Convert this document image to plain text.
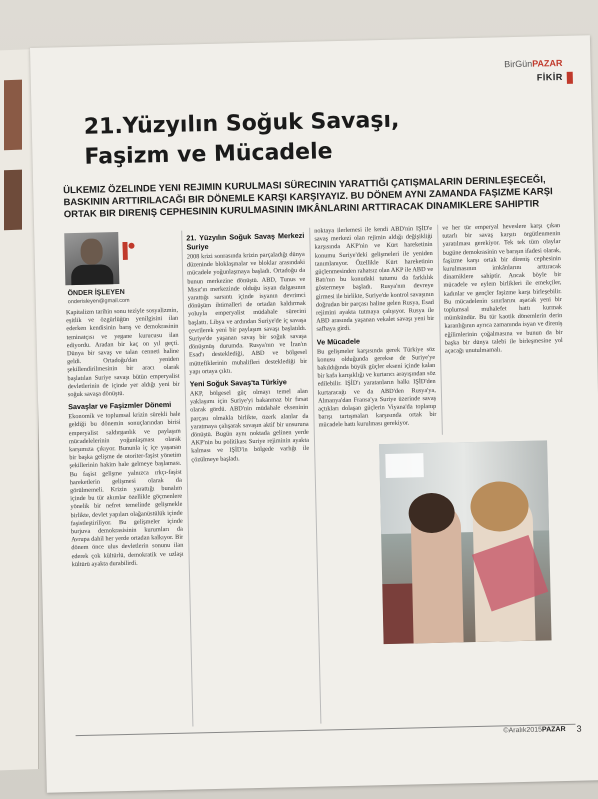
BirGünPAZAR
FİKİR
21.Yüzyılın Soğuk Savaşı,
Faşizm ve Mücadele
ÜLKEMIZ ÖZELINDE YENI REJIMIN KURULMASI SÜRECININ YARATTIĞI ÇATIŞMALARIN DERINLEŞECEĞI, BASKININ ARTTIRILACAĞI BIR DÖNEMLE KARŞI KARŞIYAYIZ. BU DÖNEM AYNI ZAMANDA FAŞIZME KARŞI ORTAK BIR DIRENIŞ CEPHESININ KURULMASININ IMKÂNLARINI ARTTIRACAK DINAMIKLERE SAHIPTIR
ÖNDER İŞLEYEN
onderisleyen@gmail.com

Kapitalizm tarihin sonu teziyle sosyalizmin, eşitlik ve özgürlüğün yenilgisini ilan ederken kendisinin barış ve demokrasinin teminatçısı ve yegane kurucusu ilan ediyordu. Aradan bir kaç on yıl geçti. Dünya bir savaş ve talan cenneti haline geldi. Ortadoğu'dan yeniden şekillendirilmesinin bir aracı olarak başlatılan Suriye savaşı bütün emperyalist devletlerinin de içinde yer aldığı yeni bir soğuk savaşa dönüştü.

Savaşlar ve Faşizmler Dönemi

Ekonomik ve toplumsal krizin sürekli hale geldiği bu dönemin sonuçlarından birisi emperyalist saldırganlık ve paylaşım mücadelelerinin yoğunlaşması olarak karşımıza çıkıyor. Bununla iç içe yaşanan bir başka gelişme de otoriter-faşist yönetim şekillerinin hakim hale gelmeye başlaması. Bu faşist gelişme yalnızca ırkçı-faşist hareketlerin gelişmesi olarak da görülmemeli. Krizin yarattığı bunalım içinde bu tür akımlar özellikle göçmenlere yönelik bir nefret temelinde gelişmekle birlikte, devlet yapıları olağanüstülük içinde faşistleştiriliyor. Bu gelişmeler içinde burjuva demokrasisinin kurumları da Avrupa dahil her yerde ortadan kalkıyor. Bir dönem önce ulus devletlerin sonunu ilan ederek çok kültürlü, demokratik ve uzlaşı kültürü ayakta durabilirdi.

21. Yüzyılın Soğuk Savaş Merkezi Suriye

2008 krizi sonrasında krizin parçaladığı dünya düzeninde bloklaşmalar ve bloklar arasındaki mücadele yoğunlaşmaya başladı. Ortadoğu da bunun merkezine dönüştü. ABD, Tunus ve Mısır'ın merkezinde olduğu isyan dalgasının yarattığı sarsıntı içinde isyanın devrimci dönüşüm ihtimalleri de ortadan kaldırmak yoluyla emperyalist müdahale sürecini başlattı. Libya ve ardından Suriye'de iç savaşa çevrilerek yeni bir paylaşım savaşı başlatıldı. Suriye'de yaşanan savaş bir soğuk savaşa dönüşmüş durumda. Rusya'nın ve İran'ın Esad'ı desteklediği, ABD ve bölgesel müttefiklerinin muhalifleri desteklediği bir yapı ortaya çıktı.

Yeni Soğuk Savaş'ta Türkiye

AKP, bölgesel güç olmayı temel alan yaklaşımı için Suriye'yi bakanmaz bir fırsat olarak gördü. ABD'nin müdahale ekseninin parçası olmakla birlikte, özerk alanlar da yaratmaya çalışarak savaşın aktif bir unsuruna dönüştü. Bugün aynı noktada gelinen yerde AKP'nin bu politikası Suriye rejiminin ayakta kalması ve IŞİD'in bölgede varlığı ile çözülmeye başladı.

noktaya ilerlemesi ile kendi ABD'nin IŞİD'e savaş merkezi olan rejimin aldığı değişikliği karşısında AKP'nin ve Kürt hareketinin konumu Suriye'deki gelişmeleri ile yeniden tanımlanıyor. Özellikle Kürt hareketinin güçlenmesinden rahatsız olan AKP ile ABD ve Batı'nın bu konudaki tutumu da farklılık göstermeye başladı. Rusya'nın devreye girmesi ile birlikte, Suriye'de kontrol savaşının doğrudan bir parçası haline gelen Rusya, Esad rejimini ayakta tutmaya çalışıyor. Rusya ile ABD arasında yaşanan vekalet savaşı yeni bir safhaya girdi.

Ve Mücadele

Bu gelişmeler karşısında gerek Türkiye söz konusu olduğunda gerekse de Suriye'ye bakıldığında büyük güçler ekseni içinde kalan bir kafa karışıklığı ve kurtarıcı arayışından söz edilebilir. IŞİD'ı yaratanların halkı IŞİD'den kurtaracağı ve da ABD'den Rusya'ya, Almanya'dan Fransa'ya Suriye üzerinde savaş açtıkları dolaşan güçlerin Viyana'da toplanıp barışı tartışmaları karşısında ortak bir mücadele hattı kurulması gerekiyor.

ve her tür emperyal heveslere karşı çıkan tutarlı bir savaş karşıtı örgütlenmenin yaratılması gerekiyor. Tek tek tüm olaylar bugüne demokrasinin ve barışın ifadesi olarak, faşizme karşı ortak bir direniş cephesinin kurulmasının imkânlarını arttıracak dinamiklere sahiptir. Ancak böyle bir mücadele ve eylem birlikleri ile emekçiler, kadınlar ve gençler faşizme karşı birleşebilir. Bu mücadelenin sınırlarını aşacak yeni bir toplumsal muhalefet hattı kurmak mümkündür. Bu tür kaotik dönemlerin derin karanlığının ayrıca zamanında isyan ve direniş eğilimlerinin çoğalmasına ve bunun da bir başka bir dünya talebi ile birleşmesine yol açacağı unutulmamalı.

©Aralık2015PAZAR 3
